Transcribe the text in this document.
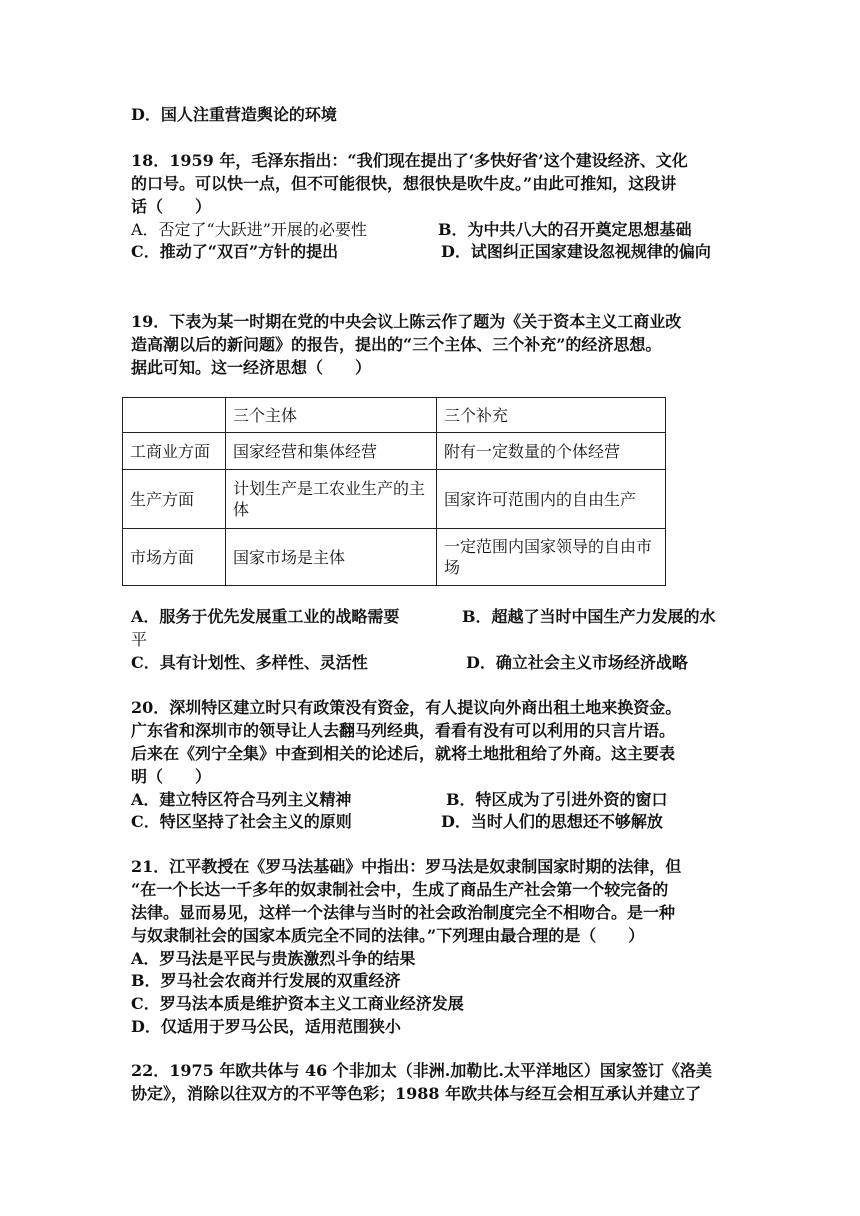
D．国人注重营造舆论的环境
18．1959 年，毛泽东指出：“我们现在提出了‘多快好省’这个建设经济、文化
的口号。可以快一点，但不可能很快，想很快是吹牛皮。”由此可推知，这段讲
话（　　）
A．否定了“大跃进”开展的必要性	B．为中共八大的召开奠定思想基础
C．推动了“双百”方针的提出	D．试图纠正国家建设忽视规律的偏向
19．下表为某一时期在党的中央会议上陈云作了题为《关于资本主义工商业改
造高潮以后的新问题》的报告，提出的“三个主体、三个补充”的经济思想。
据此可知。这一经济思想（　　）
	三个主体	三个补充
工商业方面	国家经营和集体经营	附有一定数量的个体经营
生产方面	计划生产是工农业生产的主体	国家许可范围内的自由生产
市场方面	国家市场是主体	一定范围内国家领导的自由市场
A．服务于优先发展重工业的战略需要	B．超越了当时中国生产力发展的水
平
C．具有计划性、多样性、灵活性	D．确立社会主义市场经济战略
20．深圳特区建立时只有政策没有资金，有人提议向外商出租土地来换资金。
广东省和深圳市的领导让人去翻马列经典，看看有没有可以利用的只言片语。
后来在《列宁全集》中查到相关的论述后，就将土地批租给了外商。这主要表
明（　　）
A．建立特区符合马列主义精神	B．特区成为了引进外资的窗口
C．特区坚持了社会主义的原则	D．当时人们的思想还不够解放
21．江平教授在《罗马法基础》中指出：罗马法是奴隶制国家时期的法律，但
“在一个长达一千多年的奴隶制社会中，生成了商品生产社会第一个较完备的
法律。显而易见，这样一个法律与当时的社会政治制度完全不相吻合。是一种
与奴隶制社会的国家本质完全不同的法律。”下列理由最合理的是（　　）
A．罗马法是平民与贵族激烈斗争的结果
B．罗马社会农商并行发展的双重经济
C．罗马法本质是维护资本主义工商业经济发展
D．仅适用于罗马公民，适用范围狭小
22．1975 年欧共体与 46 个非加太（非洲.加勒比.太平洋地区）国家签订《洛美
协定》，消除以往双方的不平等色彩；1988 年欧共体与经互会相互承认并建立了
